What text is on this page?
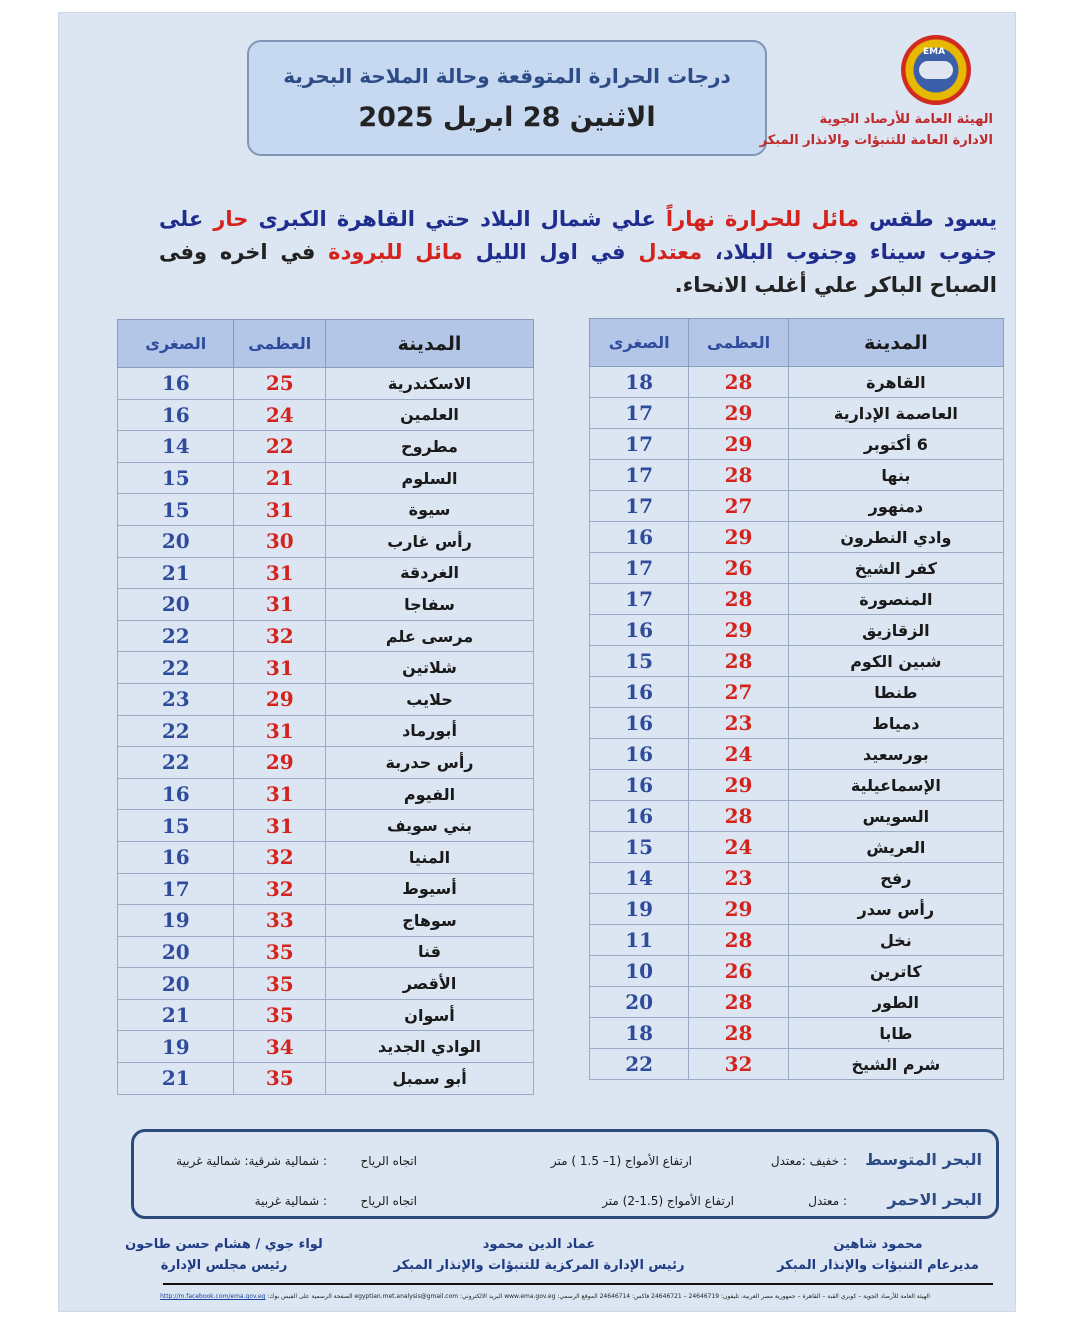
درجات الحرارة المتوقعة وحالة الملاحة البحرية
الاثنين 28 ابريل 2025
EMA
الهيئة العامة للأرصاد الجوية
الادارة العامة للتنبؤات والانذار المبكر
يسود طقس مائل للحرارة نهاراً علي شمال البلاد حتي القاهرة الكبرى حار على جنوب سيناء وجنوب البلاد، معتدل في اول الليل مائل للبرودة في اخره وفى الصباح الباكر علي أغلب الانحاء.
المدينة	العظمى	الصغرى
القاهرة	28	18
العاصمة الإدارية	29	17
6 أكتوبر	29	17
بنها	28	17
دمنهور	27	17
وادي النطرون	29	16
كفر الشيخ	26	17
المنصورة	28	17
الزقازيق	29	16
شبين الكوم	28	15
طنطا	27	16
دمياط	23	16
بورسعيد	24	16
الإسماعيلية	29	16
السويس	28	16
العريش	24	15
رفح	23	14
رأس سدر	29	19
نخل	28	11
كاترين	26	10
الطور	28	20
طابا	28	18
شرم الشيخ	32	22
المدينة	العظمى	الصغرى
الاسكندرية	25	16
العلمين	24	16
مطروح	22	14
السلوم	21	15
سيوة	31	15
رأس غارب	30	20
الغردقة	31	21
سفاجا	31	20
مرسى علم	32	22
شلاتين	31	22
حلايب	29	23
أبورماد	31	22
رأس حدربة	29	22
الفيوم	31	16
بني سويف	31	15
المنيا	32	16
أسيوط	32	17
سوهاج	33	19
قنا	35	20
الأقصر	35	20
أسوان	35	21
الوادي الجديد	34	19
أبو سمبل	35	21
البحر المتوسط
: خفيف :معتدل
ارتفاع الأمواج (1– 1.5 ) متر
اتجاه الرياح
: شمالية شرقية: شمالية غربية
البحر الاحمر
: معتدل
ارتفاع الأمواج (1.5-2) متر
اتجاه الرياح
: شمالية غربية
محمود شاهين
مديرعام التنبؤات والإنذار المبكر
عماد الدين محمود
رئيس الإدارة المركزية للتنبؤات والإنذار المبكر
لواء جوي / هشام حسن طاحون
رئيس مجلس الإدارة
الهيئة العامة للأرصاد الجوية – كوبري القبة – القاهرة – جمهورية مصر العربية، تليفون: 24646719 – 24646721 فاكس: 24646714 الموقع الرسمي: www.ema.gov.eg البريد الالكتروني: egyptian.met.analysis@gmail.com الصفحة الرسمية على الفيس بوك: http://m.facebook.com/ema.gov.eg
